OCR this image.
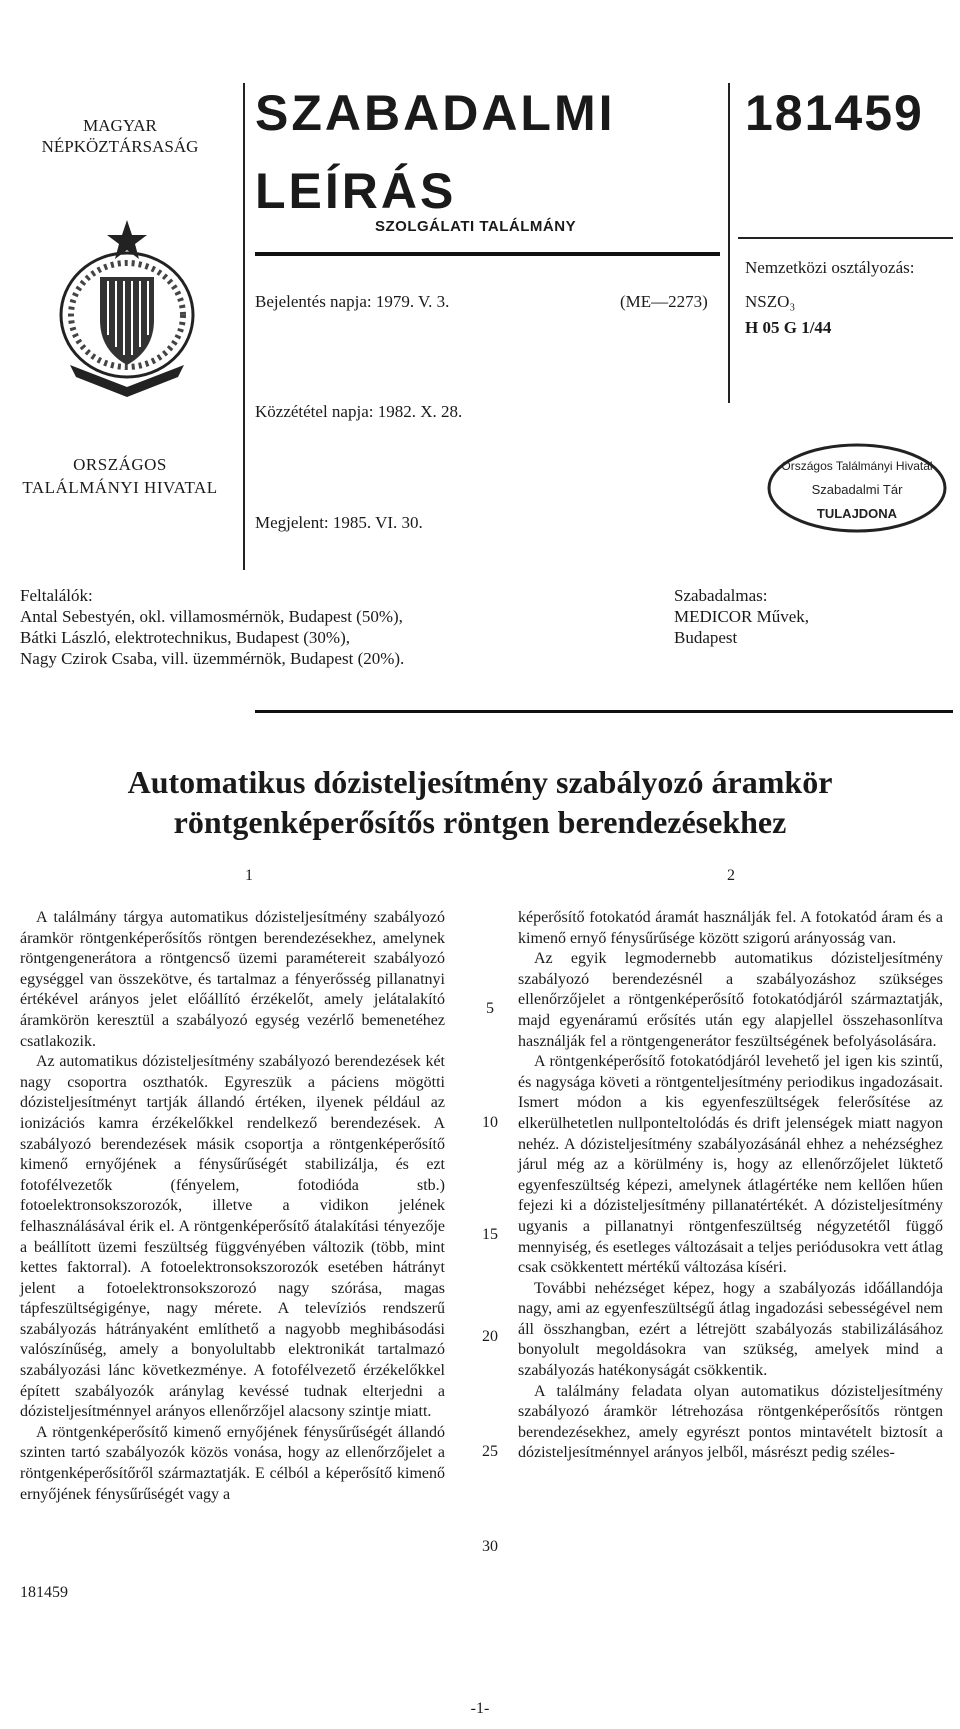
MAGYAR NÉPKÖZTÁRSASÁG
ORSZÁGOS TALÁLMÁNYI HIVATAL
SZABADALMI
LEÍRÁS
SZOLGÁLATI TALÁLMÁNY
Bejelentés napja: 1979. V. 3.	(ME—2273)
Közzététel napja: 1982. X. 28.
Megjelent: 1985. VI. 30.
181459
Nemzetközi osztályozás:
NSZO₃
H 05 G 1/44
Országos Találmányi Hivatal
Szabadalmi Tár
TULAJDONA
Feltalálók:
Antal Sebestyén, okl. villamosmérnök, Budapest (50%),
Bátki László, elektrotechnikus, Budapest (30%),
Nagy Czirok Csaba, vill. üzemmérnök, Budapest (20%).
Szabadalmas:
MEDICOR Művek,
Budapest
Automatikus dózisteljesítmény szabályozó áramkör
röntgenképerősítős röntgen berendezésekhez
1	2

A találmány tárgya automatikus dózisteljesítmény szabályozó áramkör röntgenképerősítős röntgen berendezésekhez, amelynek röntgengenerátora a röntgencső üzemi paramétereit szabályozó egységgel van összekötve, és tartalmaz a fényerősség pillanatnyi értékével arányos jelet előállító érzékelőt, amely jelátalakító áramkörön keresztül a szabályozó egység vezérlő bemenetéhez csatlakozik.

Az automatikus dózisteljesítmény szabályozó berendezések két nagy csoportra oszthatók. Egyreszük a páciens mögötti dózisteljesítményt tartják állandó értéken, ilyenek például az ionizációs kamra érzékelőkkel rendelkező berendezések. A szabályozó berendezések másik csoportja a röntgenképerősítő kimenő ernyőjének a fénysűrűségét stabilizálja, és ezt fotofélvezetők (fényelem, fotodióda stb.) fotoelektronsokszorozók, illetve a vidikon jelének felhasználásával érik el. A röntgenképerősítő átalakítási tényezője a beállított üzemi feszültség függvényében változik (több, mint kettes faktorral). A fotoelektronsokszorozók esetében hátrányt jelent a fotoelektronsokszorozó nagy szórása, magas tápfeszültségigénye, nagy mérete. A televíziós rendszerű szabályozás hátrányaként említhető a nagyobb meghibásodási valószínűség, amely a bonyolultabb elektronikát tartalmazó szabályozási lánc következménye. A fotofélvezető érzékelőkkel épített szabályozók aránylag kevéssé tudnak elterjedni a dózisteljesítménnyel arányos ellenőrzőjel alacsony szintje miatt.

A röntgenképerősítő kimenő ernyőjének fénysűrűségét állandó szinten tartó szabályozók közös vonása, hogy az ellenőrzőjelet a röntgenképerősítőről származtatják. E célból a képerősítő kimenő ernyőjének fénysűrűségét vagy a

képerősítő fotokatód áramát használják fel. A fotokatód áram és a kimenő ernyő fénysűrűsége között szigorú arányosság van.

Az egyik legmodernebb automatikus dózisteljesítmény szabályozó berendezésnél a szabályozáshoz szükséges ellenőrzőjelet a röntgenképerősítő fotokatódjáról származtatják, majd egyenáramú erősítés után egy alapjellel összehasonlítva használják fel a röntgengenerátor feszültségének befolyásolására.

A röntgenképerősítő fotokatódjáról levehető jel igen kis szintű, és nagysága követi a röntgenteljesítmény periodikus ingadozásait. Ismert módon a kis egyenfeszültségek felerősítése az elkerülhetetlen nullponteltolódás és drift jelenségek miatt nagyon nehéz. A dózisteljesítmény szabályozásánál ehhez a nehézséghez járul még az a körülmény is, hogy az ellenőrzőjelet lüktető egyenfeszültség képezi, amelynek átlagértéke nem kellően hűen fejezi ki a dózisteljesítmény pillanatértékét. A dózisteljesítmény ugyanis a pillanatnyi röntgenfeszültség négyzetétől függő mennyiség, és esetleges változásait a teljes periódusokra vett átlag csak csökkentett mértékű változása kíséri.

További nehézséget képez, hogy a szabályozás időállandója nagy, ami az egyenfeszültségű átlag ingadozási sebességével nem áll összhangban, ezért a létrejött szabályozás stabilizálásához bonyolult megoldásokra van szükség, amelyek mind a szabályozás hatékonyságát csökkentik.

A találmány feladata olyan automatikus dózisteljesítmény szabályozó áramkör létrehozása röntgenképerősítős röntgen berendezésekhez, amely egyrészt pontos mintavételt biztosít a dózisteljesítménnyel arányos jelből, másrészt pedig széles-

5
10
15
20
25
30
181459
-1-
